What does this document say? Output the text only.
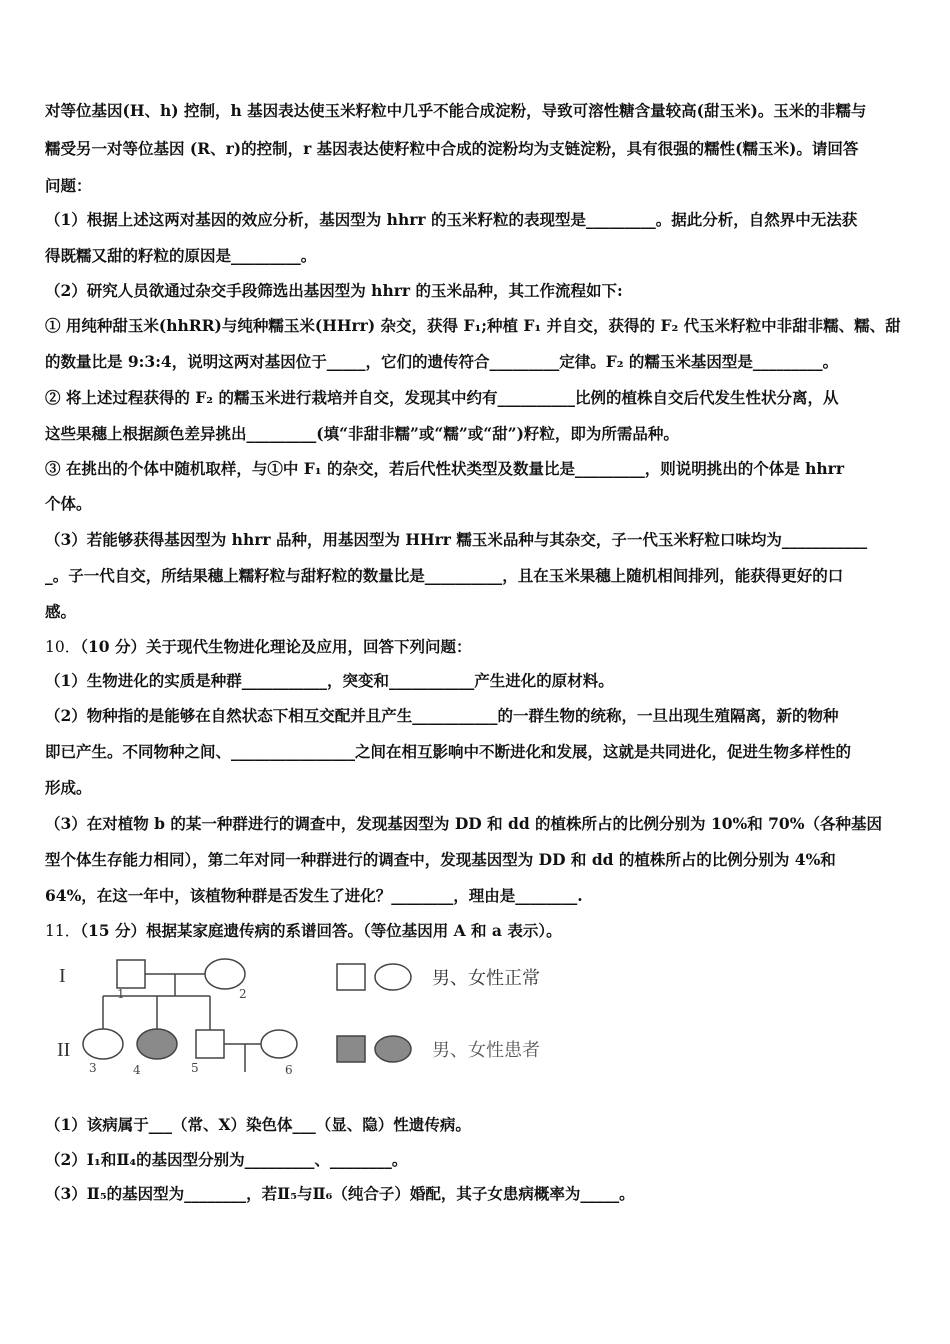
对等位基因(H、h) 控制，h 基因表达使玉米籽粒中几乎不能合成淀粉，导致可溶性糖含量较高(甜玉米)。玉米的非糯与
糯受另一对等位基因 (R、r)的控制，r 基因表达使籽粒中合成的淀粉均为支链淀粉，具有很强的糯性(糯玉米)。请回答
问题：
（1）根据上述这两对基因的效应分析，基因型为 hhrr 的玉米籽粒的表现型是_________。据此分析，自然界中无法获
得既糯又甜的籽粒的原因是_________。
（2）研究人员欲通过杂交手段筛选出基因型为 hhrr 的玉米品种，其工作流程如下:
① 用纯种甜玉米(hhRR)与纯种糯玉米(HHrr) 杂交，获得 F₁;种植 F₁ 并自交，获得的 F₂ 代玉米籽粒中非甜非糯、糯、甜
的数量比是 9:3:4，说明这两对基因位于_____，它们的遗传符合_________定律。F₂ 的糯玉米基因型是_________。
② 将上述过程获得的 F₂ 的糯玉米进行栽培并自交，发现其中约有__________比例的植株自交后代发生性状分离，从
这些果穗上根据颜色差异挑出_________(填“非甜非糯”或“糯”或“甜”)籽粒，即为所需品种。
③ 在挑出的个体中随机取样，与①中 F₁ 的杂交，若后代性状类型及数量比是_________，则说明挑出的个体是 hhrr
个体。
（3）若能够获得基因型为 hhrr 品种，用基因型为 HHrr 糯玉米品种与其杂交，子一代玉米籽粒口味均为___________
_。子一代自交，所结果穗上糯籽粒与甜籽粒的数量比是__________，且在玉米果穗上随机相间排列，能获得更好的口
感。
10．（10 分）关于现代生物进化理论及应用，回答下列问题：
（1）生物进化的实质是种群___________，突变和___________产生进化的原材料。
（2）物种指的是能够在自然状态下相互交配并且产生___________的一群生物的统称，一旦出现生殖隔离，新的物种
即已产生。不同物种之间、________________之间在相互影响中不断进化和发展，这就是共同进化，促进生物多样性的
形成。
（3）在对植物 b 的某一种群进行的调查中，发现基因型为 DD 和 dd 的植株所占的比例分别为 10%和 70%（各种基因
型个体生存能力相同），第二年对同一种群进行的调查中，发现基因型为 DD 和 dd 的植株所占的比例分别为 4%和
64%，在这一年中，该植物种群是否发生了进化？________，理由是________.
11．（15 分）根据某家庭遗传病的系谱回答。（等位基因用 A 和 a 表示）。
I
II
1	2
3	4	5	6
男、女性正常
男、女性患者
（1）该病属于___（常、X）染色体___（显、隐）性遗传病。
（2）Ⅰ₁和Ⅱ₄的基因型分别为_________、________。
（3）Ⅱ₅的基因型为________，若Ⅱ₅与Ⅱ₆（纯合子）婚配，其子女患病概率为_____。
